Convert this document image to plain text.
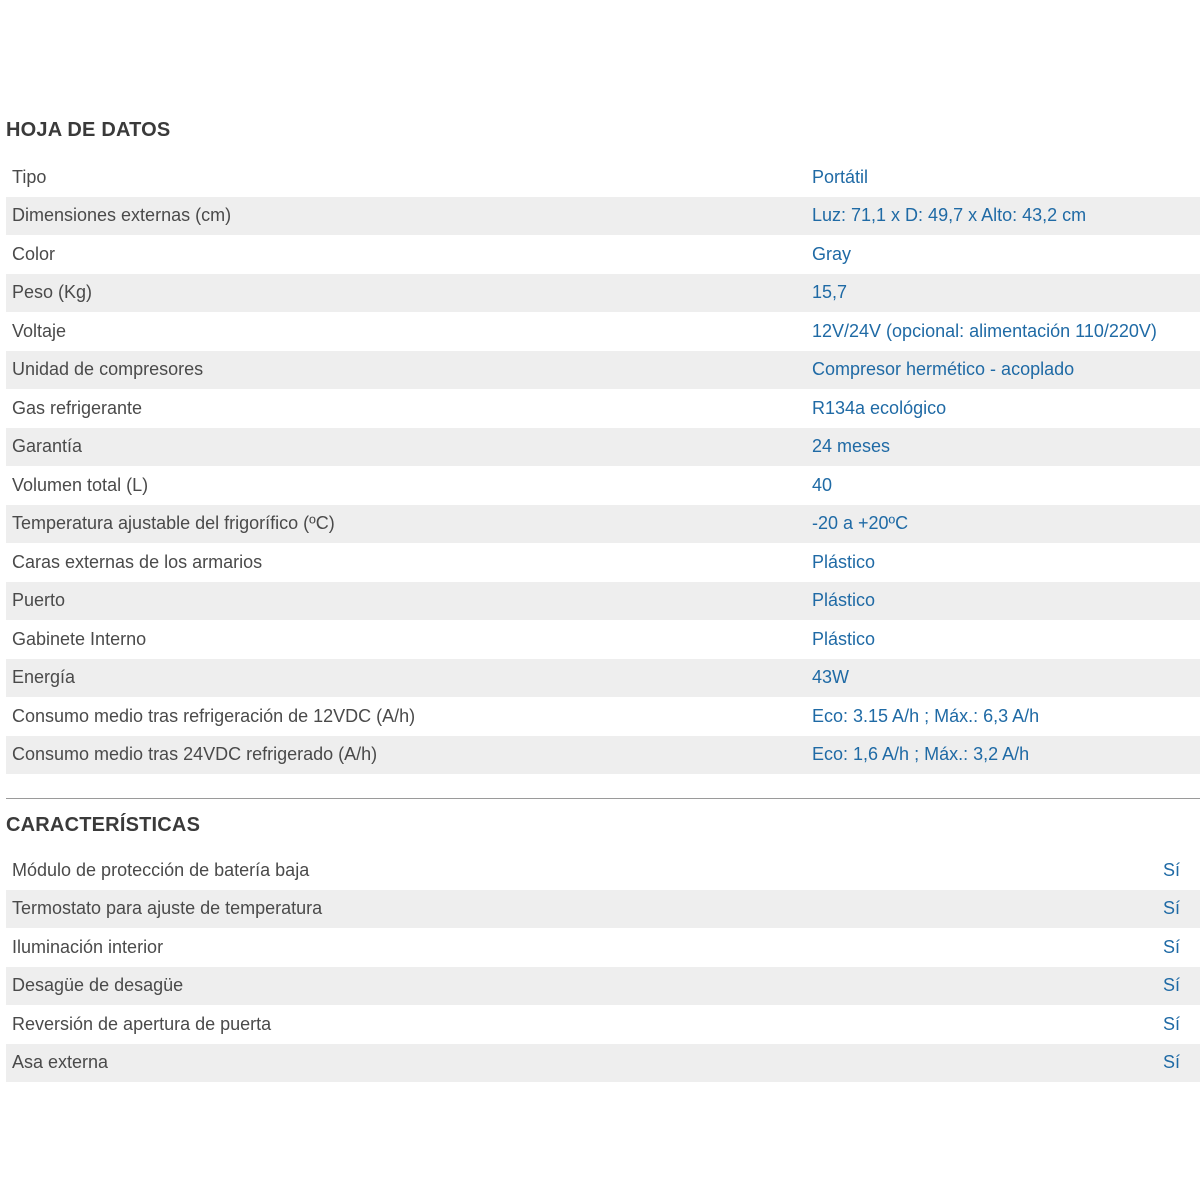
HOJA DE DATOS
Tipo	Portátil
Dimensiones externas (cm)	Luz: 71,1 x D: 49,7 x Alto: 43,2 cm
Color	Gray
Peso (Kg)	15,7
Voltaje	12V/24V (opcional: alimentación 110/220V)
Unidad de compresores	Compresor hermético - acoplado
Gas refrigerante	R134a ecológico
Garantía	24 meses
Volumen total (L)	40
Temperatura ajustable del frigorífico (ºC)	-20 a +20ºC
Caras externas de los armarios	Plástico
Puerto	Plástico
Gabinete Interno	Plástico
Energía	43W
Consumo medio tras refrigeración de 12VDC (A/h)	Eco: 3.15 A/h ; Máx.: 6,3 A/h
Consumo medio tras 24VDC refrigerado (A/h)	Eco: 1,6 A/h ; Máx.: 3,2 A/h
CARACTERÍSTICAS
Módulo de protección de batería baja	Sí
Termostato para ajuste de temperatura	Sí
Iluminación interior	Sí
Desagüe de desagüe	Sí
Reversión de apertura de puerta	Sí
Asa externa	Sí
